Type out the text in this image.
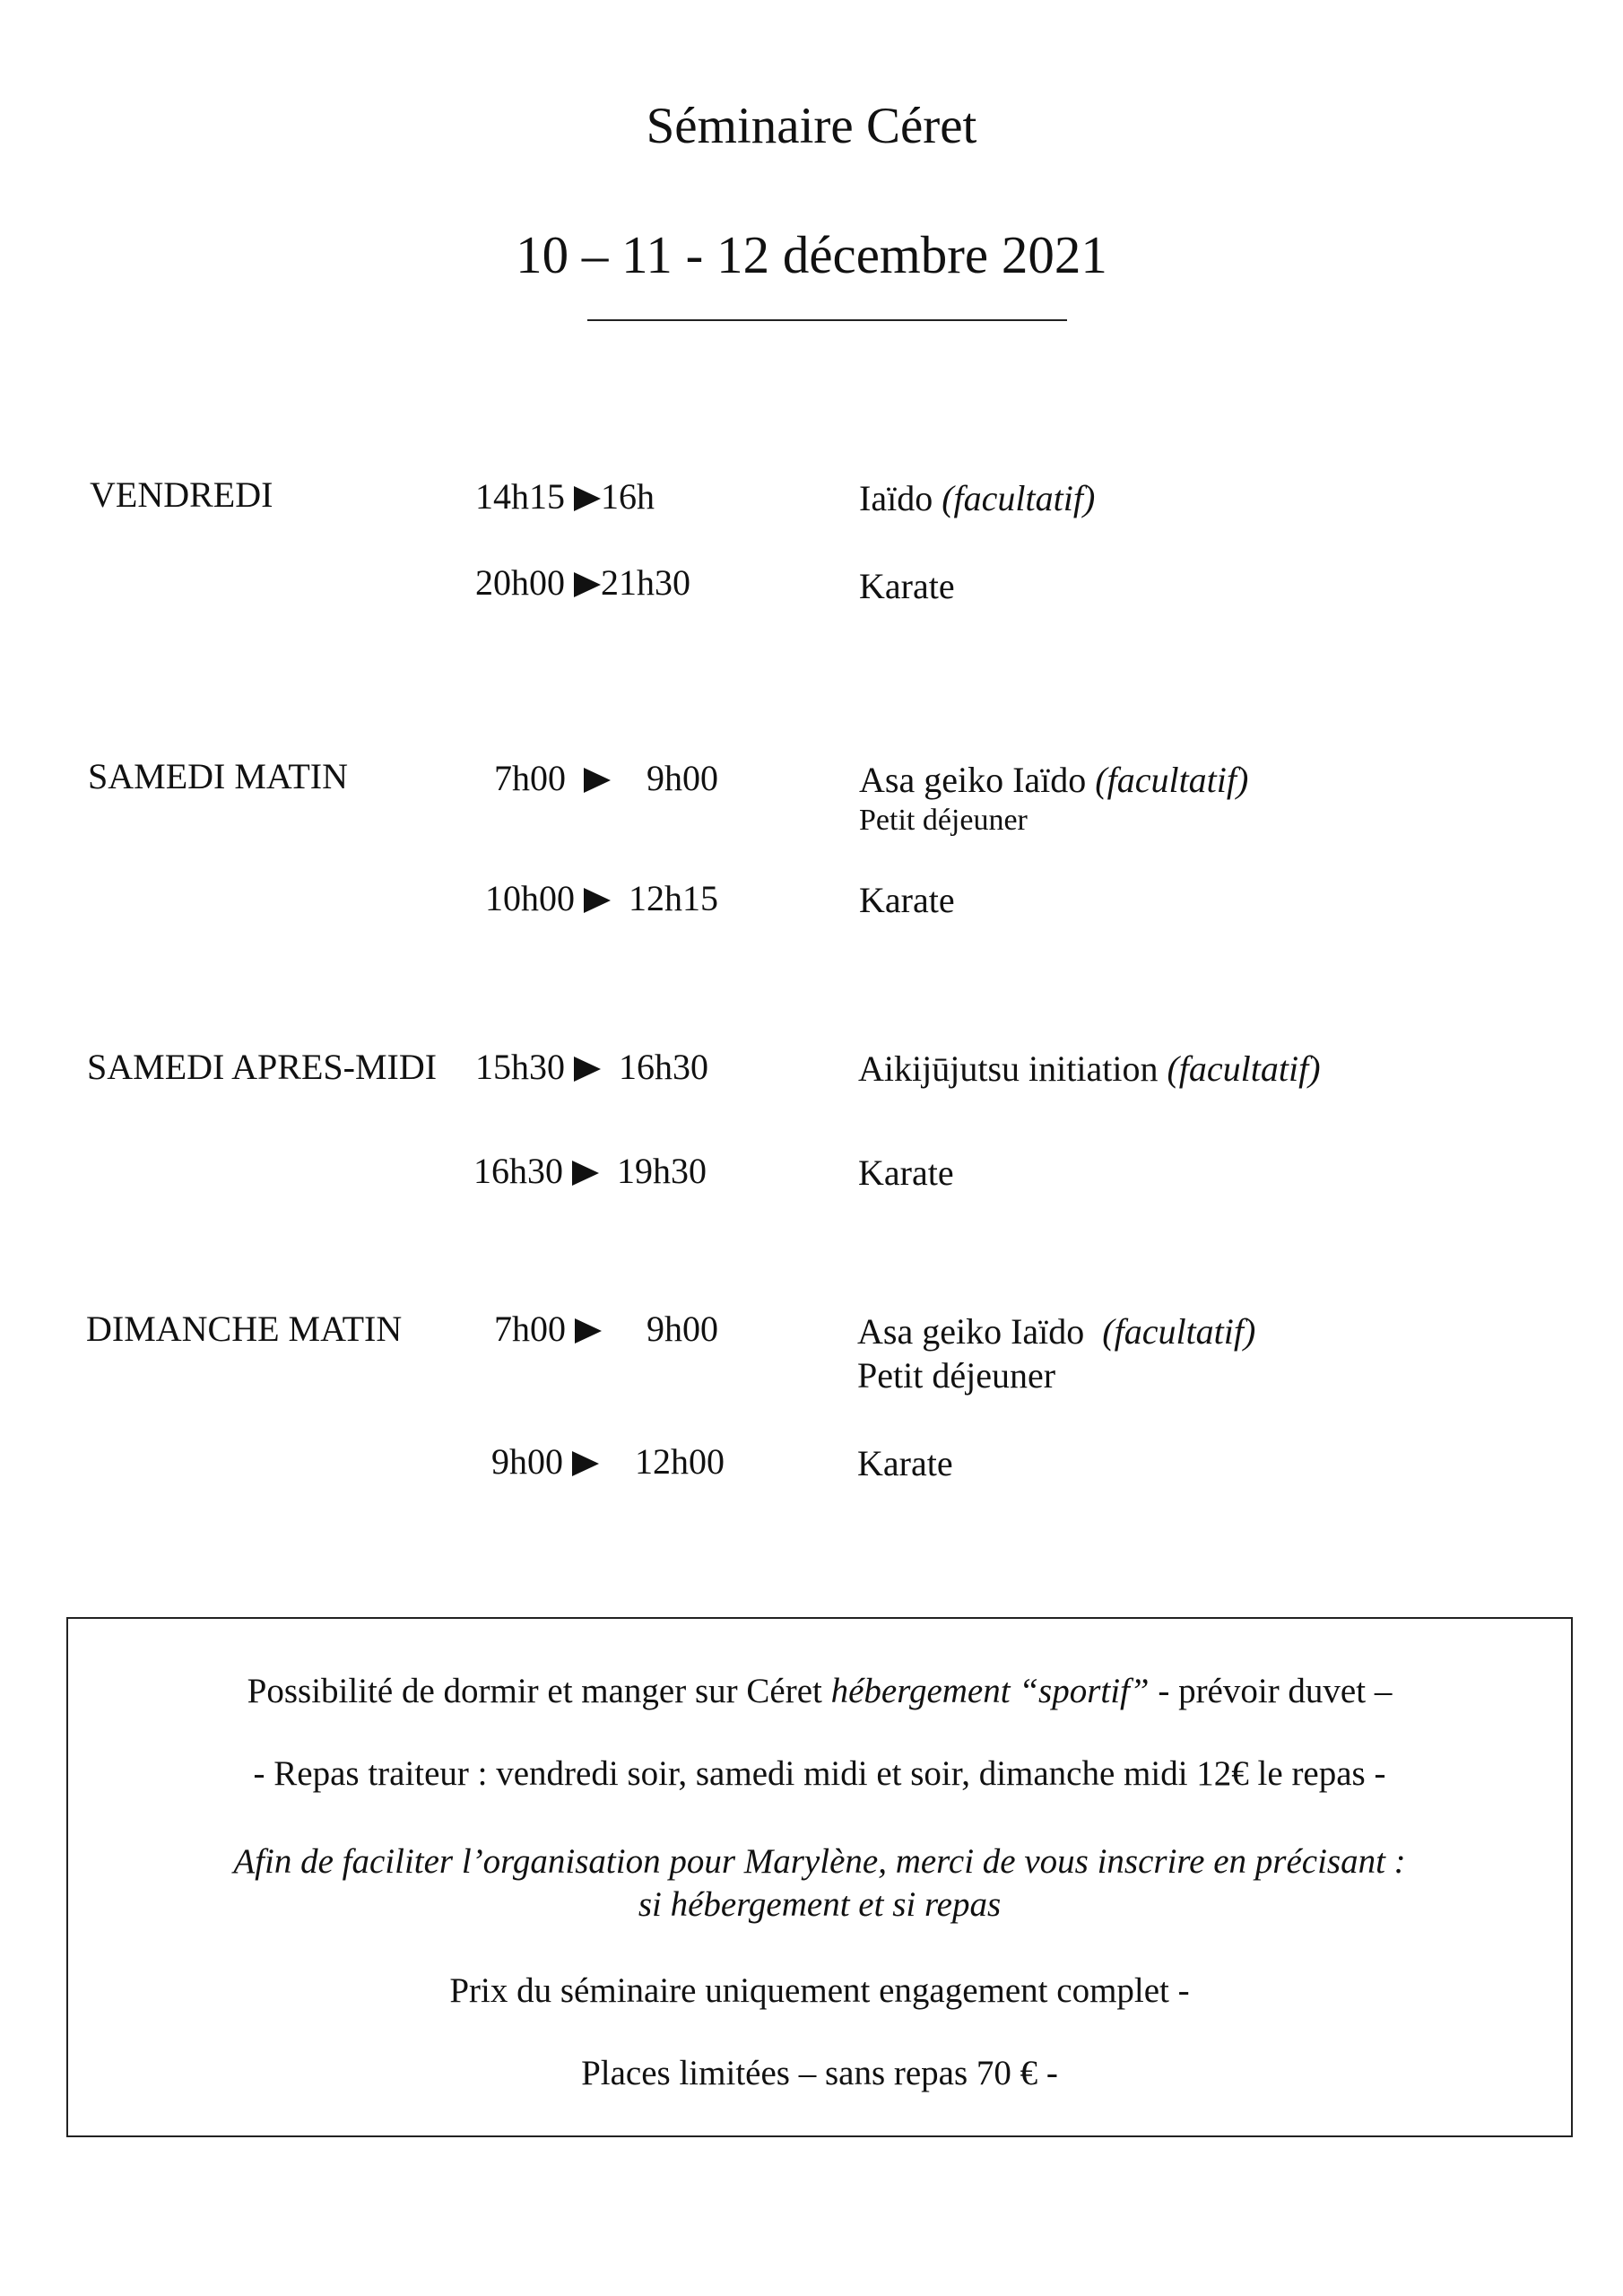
Séminaire Céret
10 – 11 - 12 décembre 2021
VENDREDI	14h15 16h	Iaïdo (facultatif)
20h00 21h30	Karate
SAMEDI MATIN	7h00 9h00	Asa geiko Iaïdo (facultatif)
Petit déjeuner
10h00 12h15	Karate
SAMEDI APRES-MIDI 15h30 16h30	Aikijūjutsu initiation (facultatif)
16h30 19h30	Karate
DIMANCHE MATIN	7h00 9h00	Asa geiko Iaïdo (facultatif)
Petit déjeuner
9h00 12h00	Karate
Possibilité de dormir et manger sur Céret hébergement “sportif” - prévoir duvet –
- Repas traiteur : vendredi soir, samedi midi et soir, dimanche midi 12€ le repas -
Afin de faciliter l’organisation pour Marylène, merci de vous inscrire en précisant :
si hébergement et si repas
Prix du séminaire uniquement engagement complet -
Places limitées – sans repas 70 € -
